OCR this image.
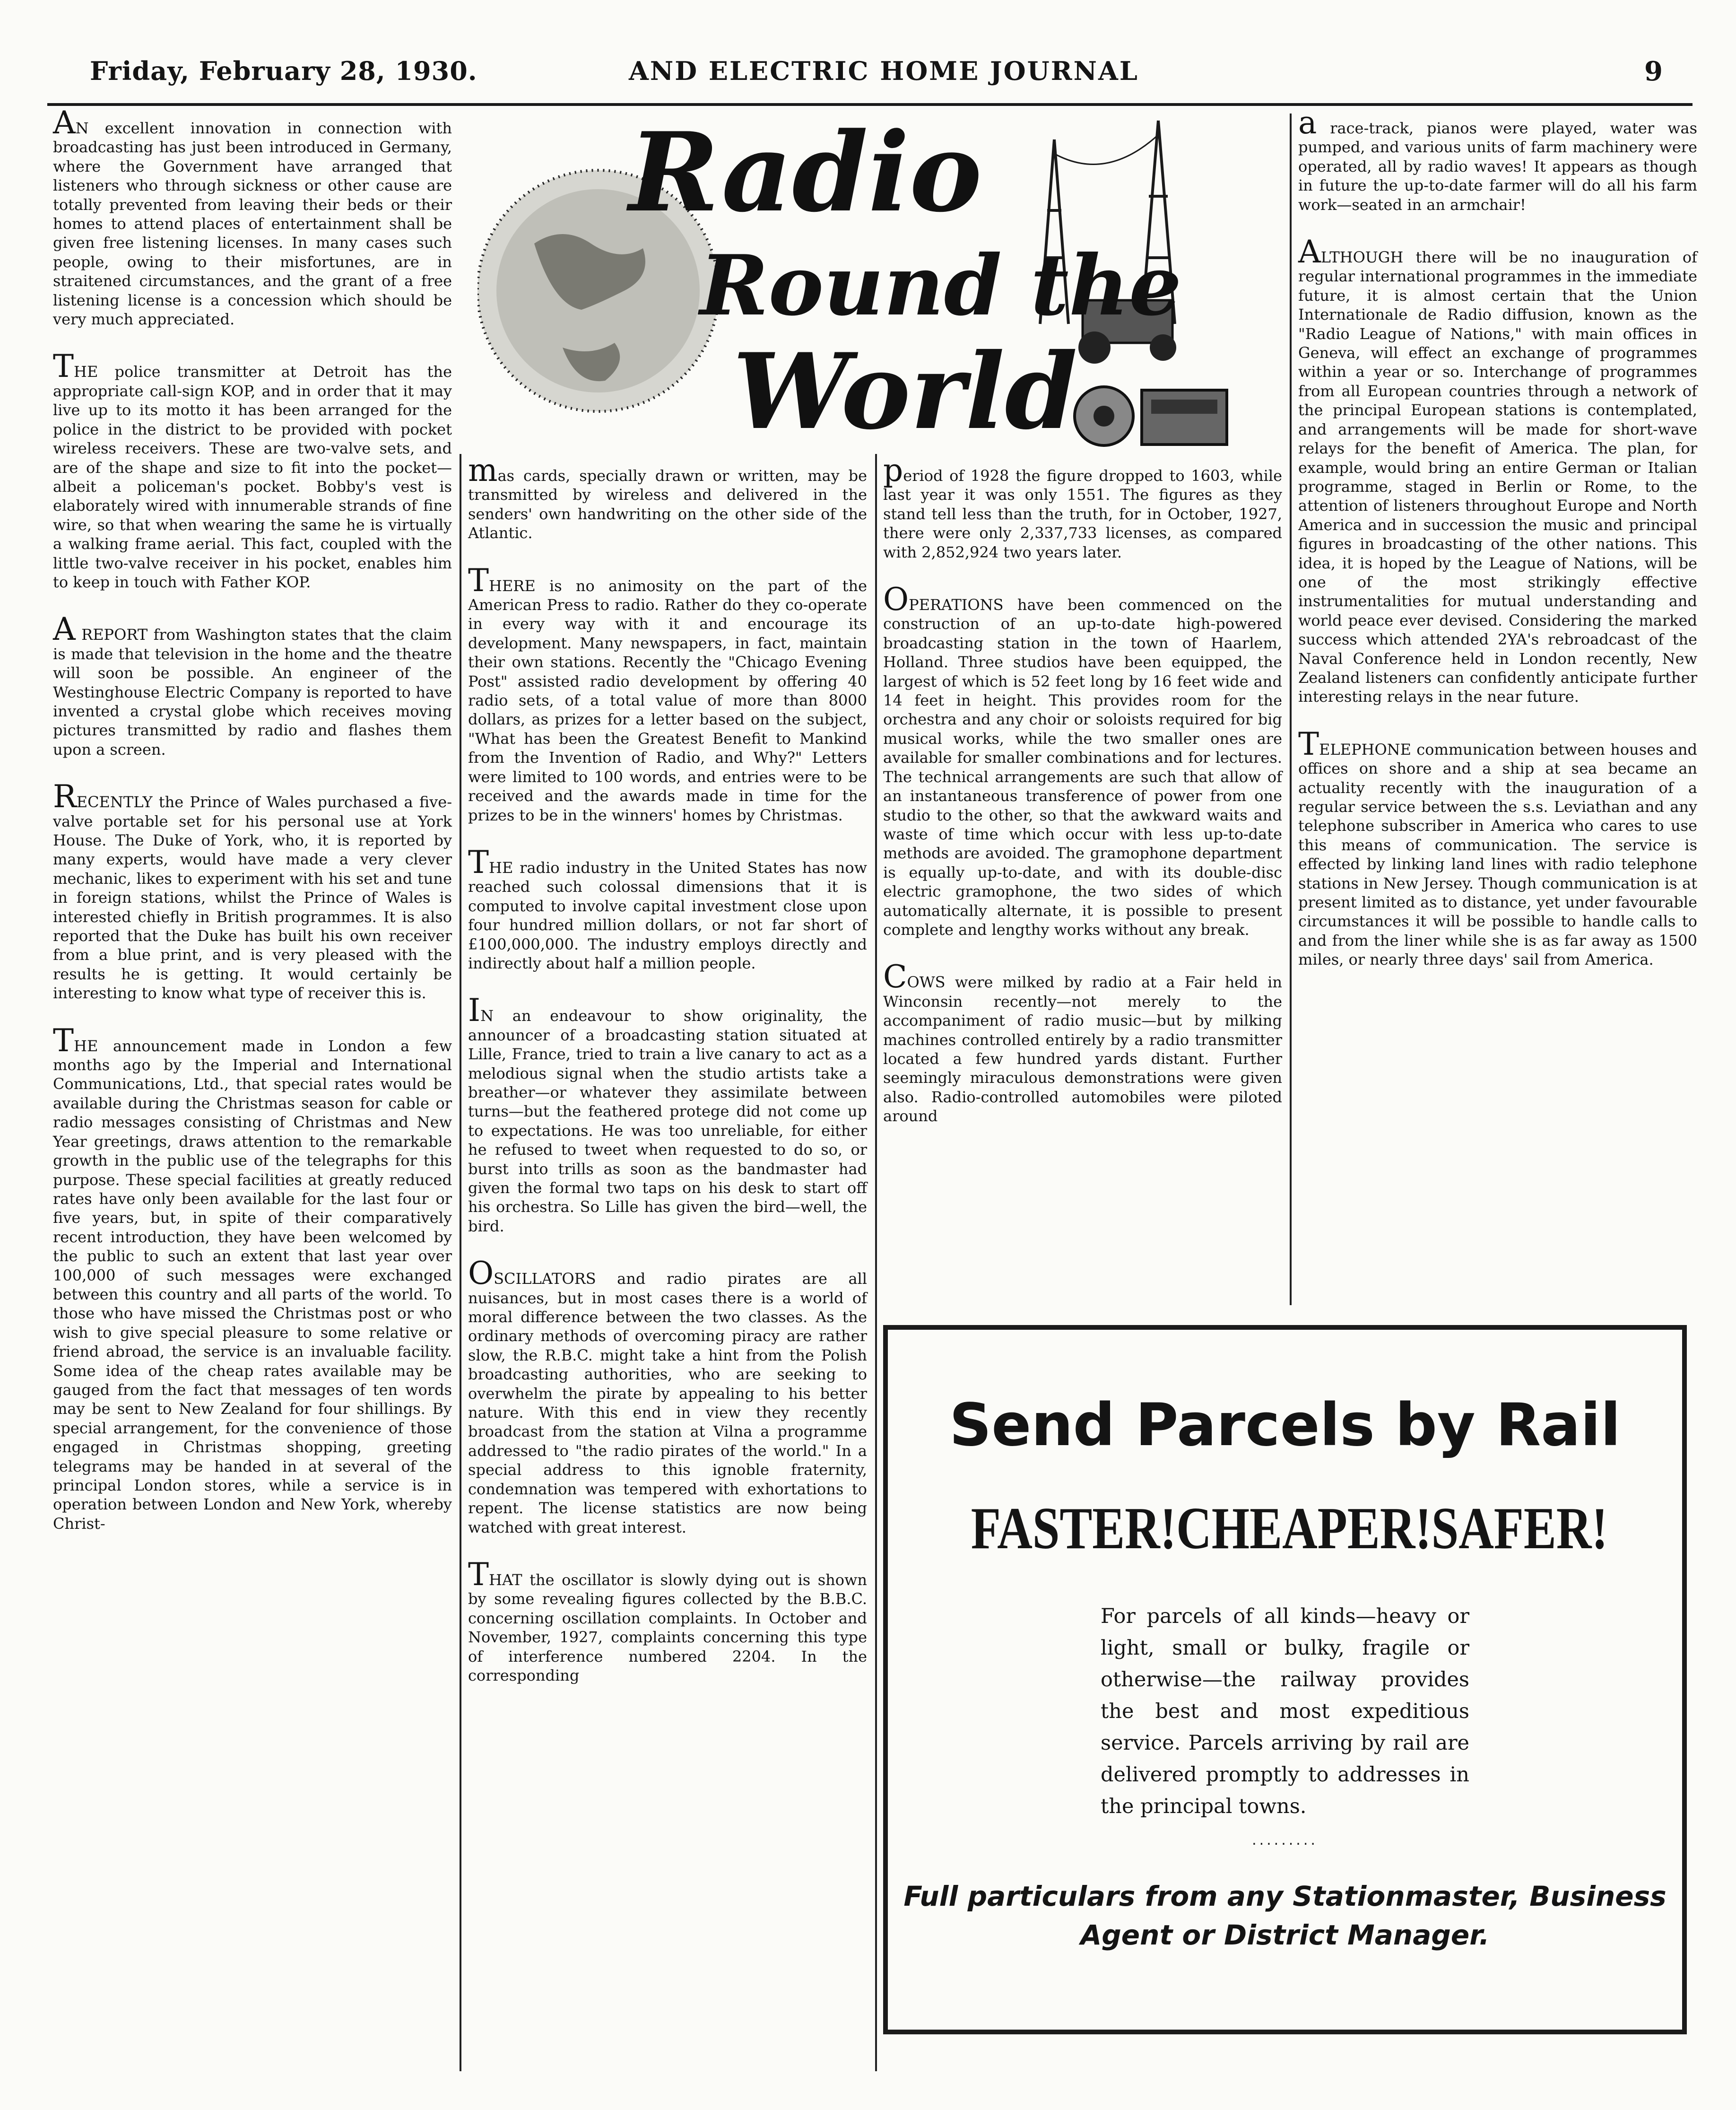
Friday, February 28, 1930.	AND ELECTRIC HOME JOURNAL	9
Radio
Round the
World

AN excellent innovation in connection with broadcasting has just been introduced in Germany, where the Government have arranged that listeners who through sickness or other cause are totally prevented from leaving their beds or their homes to attend places of entertainment shall be given free listening licenses. In many cases such people, owing to their misfortunes, are in straitened circumstances, and the grant of a free listening license is a concession which should be very much appreciated.

THE police transmitter at Detroit has the appropriate call-sign KOP, and in order that it may live up to its motto it has been arranged for the police in the district to be provided with pocket wireless receivers. These are two-valve sets, and are of the shape and size to fit into the pocket—albeit a policeman's pocket. Bobby's vest is elaborately wired with innumerable strands of fine wire, so that when wearing the same he is virtually a walking frame aerial. This fact, coupled with the little two-valve receiver in his pocket, enables him to keep in touch with Father KOP.

A REPORT from Washington states that the claim is made that television in the home and the theatre will soon be possible. An engineer of the Westinghouse Electric Company is reported to have invented a crystal globe which receives moving pictures transmitted by radio and flashes them upon a screen.

RECENTLY the Prince of Wales purchased a five-valve portable set for his personal use at York House. The Duke of York, who, it is reported by many experts, would have made a very clever mechanic, likes to experiment with his set and tune in foreign stations, whilst the Prince of Wales is interested chiefly in British programmes. It is also reported that the Duke has built his own receiver from a blue print, and is very pleased with the results he is getting. It would certainly be interesting to know what type of receiver this is.

THE announcement made in London a few months ago by the Imperial and International Communications, Ltd., that special rates would be available during the Christmas season for cable or radio messages consisting of Christmas and New Year greetings, draws attention to the remarkable growth in the public use of the telegraphs for this purpose. These special facilities at greatly reduced rates have only been available for the last four or five years, but, in spite of their comparatively recent introduction, they have been welcomed by the public to such an extent that last year over 100,000 of such messages were exchanged between this country and all parts of the world. To those who have missed the Christmas post or who wish to give special pleasure to some relative or friend abroad, the service is an invaluable facility. Some idea of the cheap rates available may be gauged from the fact that messages of ten words may be sent to New Zealand for four shillings. By special arrangement, for the convenience of those engaged in Christmas shopping, greeting telegrams may be handed in at several of the principal London stores, while a service is in operation between London and New York, whereby Christ-

mas cards, specially drawn or written, may be transmitted by wireless and delivered in the senders' own handwriting on the other side of the Atlantic.

THERE is no animosity on the part of the American Press to radio. Rather do they co-operate in every way with it and encourage its development. Many newspapers, in fact, maintain their own stations. Recently the "Chicago Evening Post" assisted radio development by offering 40 radio sets, of a total value of more than 8000 dollars, as prizes for a letter based on the subject, "What has been the Greatest Benefit to Mankind from the Invention of Radio, and Why?" Letters were limited to 100 words, and entries were to be received and the awards made in time for the prizes to be in the winners' homes by Christmas.

THE radio industry in the United States has now reached such colossal dimensions that it is computed to involve capital investment close upon four hundred million dollars, or not far short of £100,000,000. The industry employs directly and indirectly about half a million people.

IN an endeavour to show originality, the announcer of a broadcasting station situated at Lille, France, tried to train a live canary to act as a melodious signal when the studio artists take a breather—or whatever they assimilate between turns—but the feathered protege did not come up to expectations. He was too unreliable, for either he refused to tweet when requested to do so, or burst into trills as soon as the bandmaster had given the formal two taps on his desk to start off his orchestra. So Lille has given the bird—well, the bird.

OSCILLATORS and radio pirates are all nuisances, but in most cases there is a world of moral difference between the two classes. As the ordinary methods of overcoming piracy are rather slow, the R.B.C. might take a hint from the Polish broadcasting authorities, who are seeking to overwhelm the pirate by appealing to his better nature. With this end in view they recently broadcast from the station at Vilna a programme addressed to "the radio pirates of the world." In a special address to this ignoble fraternity, condemnation was tempered with exhortations to repent. The license statistics are now being watched with great interest.

THAT the oscillator is slowly dying out is shown by some revealing figures collected by the B.B.C. concerning oscillation complaints. In October and November, 1927, complaints concerning this type of interference numbered 2204. In the corresponding

period of 1928 the figure dropped to 1603, while last year it was only 1551. The figures as they stand tell less than the truth, for in October, 1927, there were only 2,337,733 licenses, as compared with 2,852,924 two years later.

OPERATIONS have been commenced on the construction of an up-to-date high-powered broadcasting station in the town of Haarlem, Holland. Three studios have been equipped, the largest of which is 52 feet long by 16 feet wide and 14 feet in height. This provides room for the orchestra and any choir or soloists required for big musical works, while the two smaller ones are available for smaller combinations and for lectures. The technical arrangements are such that allow of an instantaneous transference of power from one studio to the other, so that the awkward waits and waste of time which occur with less up-to-date methods are avoided. The gramophone department is equally up-to-date, and with its double-disc electric gramophone, the two sides of which automatically alternate, it is possible to present complete and lengthy works without any break.

COWS were milked by radio at a Fair held in Winconsin recently—not merely to the accompaniment of radio music—but by milking machines controlled entirely by a radio transmitter located a few hundred yards distant. Further seemingly miraculous demonstrations were given also. Radio-controlled automobiles were piloted around

a race-track, pianos were played, water was pumped, and various units of farm machinery were operated, all by radio waves! It appears as though in future the up-to-date farmer will do all his farm work—seated in an armchair!

ALTHOUGH there will be no inauguration of regular international programmes in the immediate future, it is almost certain that the Union Internationale de Radio diffusion, known as the "Radio League of Nations," with main offices in Geneva, will effect an exchange of programmes within a year or so. Interchange of programmes from all European countries through a network of the principal European stations is contemplated, and arrangements will be made for short-wave relays for the benefit of America. The plan, for example, would bring an entire German or Italian programme, staged in Berlin or Rome, to the attention of listeners throughout Europe and North America and in succession the music and principal figures in broadcasting of the other nations. This idea, it is hoped by the League of Nations, will be one of the most strikingly effective instrumentalities for mutual understanding and world peace ever devised. Considering the marked success which attended 2YA's rebroadcast of the Naval Conference held in London recently, New Zealand listeners can confidently anticipate further interesting relays in the near future.

TELEPHONE communication between houses and offices on shore and a ship at sea became an actuality recently with the inauguration of a regular service between the s.s. Leviathan and any telephone subscriber in America who cares to use this means of communication. The service is effected by linking land lines with radio telephone stations in New Jersey. Though communication is at present limited as to distance, yet under favourable circumstances it will be possible to handle calls to and from the liner while she is as far away as 1500 miles, or nearly three days' sail from America.

Send Parcels by Rail
FASTER! CHEAPER! SAFER!
For parcels of all kinds—heavy or light, small or bulky, fragile or otherwise—the railway provides the best and most expeditious service. Parcels arriving by rail are delivered promptly to addresses in the principal towns.
.........
Full particulars from any Stationmaster, Business Agent or District Manager.
